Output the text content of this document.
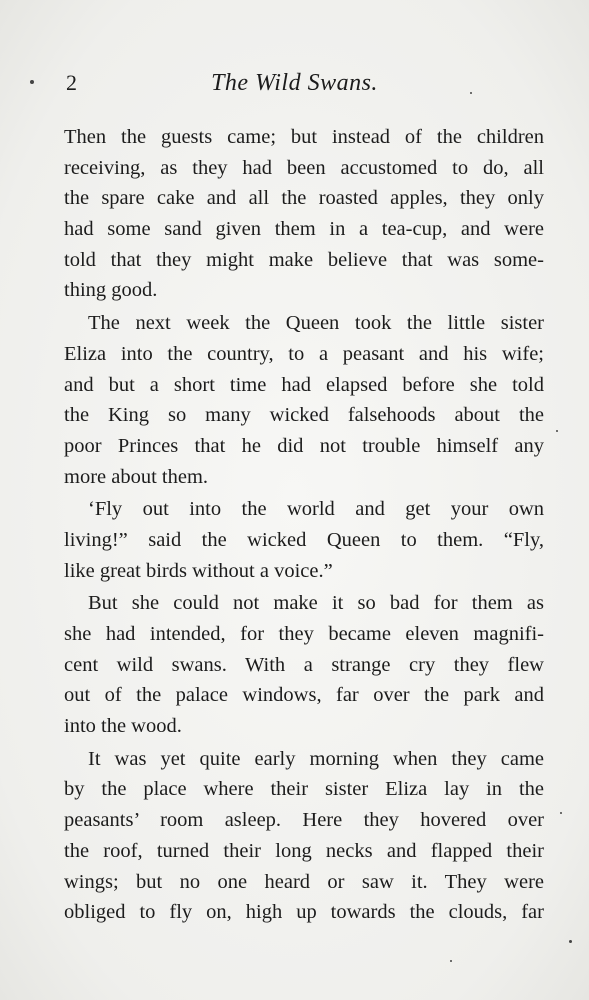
2	The Wild Swans.
Then the guests came; but instead of the children
receiving, as they had been accustomed to do, all
the spare cake and all the roasted apples, they only
had some sand given them in a tea-cup, and were
told that they might make believe that was some-
thing good.
The next week the Queen took the little sister
Eliza into the country, to a peasant and his wife;
and but a short time had elapsed before she told
the King so many wicked falsehoods about the
poor Princes that he did not trouble himself any
more about them.
‘Fly out into the world and get your own
living!” said the wicked Queen to them. “Fly,
like great birds without a voice.”
But she could not make it so bad for them as
she had intended, for they became eleven magnifi-
cent wild swans. With a strange cry they flew
out of the palace windows, far over the park and
into the wood.
It was yet quite early morning when they came
by the place where their sister Eliza lay in the
peasants’ room asleep. Here they hovered over
the roof, turned their long necks and flapped their
wings; but no one heard or saw it. They were
obliged to fly on, high up towards the clouds, far
